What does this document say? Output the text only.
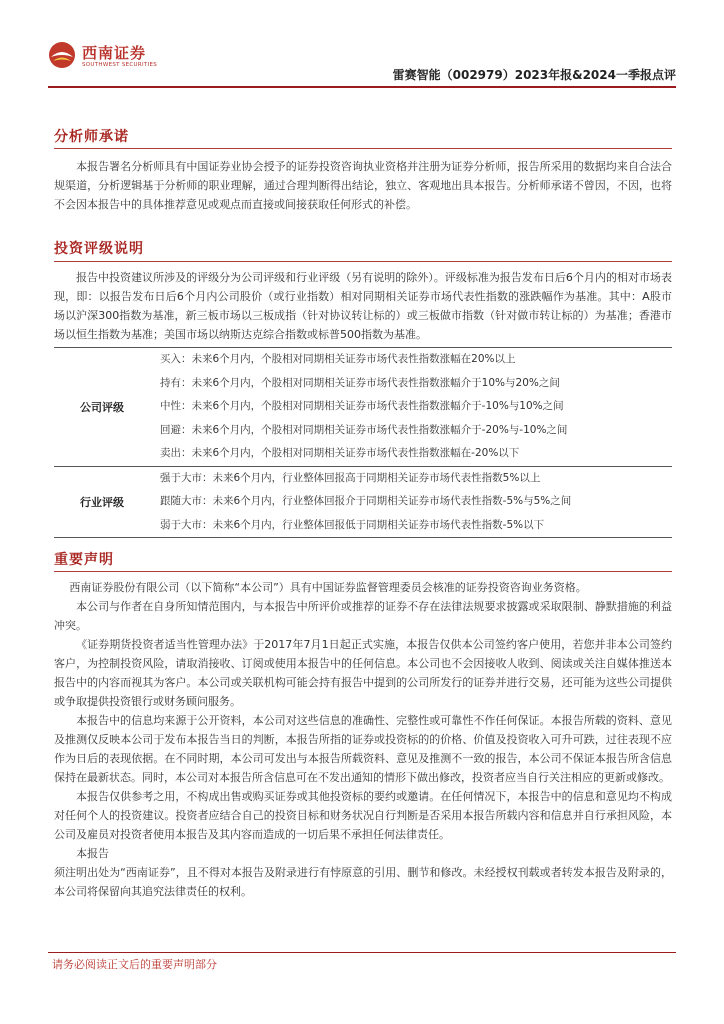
西南证券
SOUTHWEST SECURITIES
雷赛智能（002979）2023年报&2024一季报点评
分析师承诺

本报告署名分析师具有中国证券业协会授予的证券投资咨询执业资格并注册为证券分析师，报告所采用的数据均来自合法合规渠道，分析逻辑基于分析师的职业理解，通过合理判断得出结论，独立、客观地出具本报告。分析师承诺不曾因，不因，也将不会因本报告中的具体推荐意见或观点而直接或间接获取任何形式的补偿。

投资评级说明

报告中投资建议所涉及的评级分为公司评级和行业评级（另有说明的除外）。评级标准为报告发布日后6个月内的相对市场表现，即：以报告发布日后6个月内公司股价（或行业指数）相对同期相关证券市场代表性指数的涨跌幅作为基准。其中：A股市场以沪深300指数为基准，新三板市场以三板成指（针对协议转让标的）或三板做市指数（针对做市转让标的）为基准；香港市场以恒生指数为基准；美国市场以纳斯达克综合指数或标普500指数为基准。

公司评级
买入：未来6个月内，个股相对同期相关证券市场代表性指数涨幅在20%以上
持有：未来6个月内，个股相对同期相关证券市场代表性指数涨幅介于10%与20%之间
中性：未来6个月内，个股相对同期相关证券市场代表性指数涨幅介于-10%与10%之间
回避：未来6个月内，个股相对同期相关证券市场代表性指数涨幅介于-20%与-10%之间
卖出：未来6个月内，个股相对同期相关证券市场代表性指数涨幅在-20%以下
行业评级
强于大市：未来6个月内，行业整体回报高于同期相关证券市场代表性指数5%以上
跟随大市：未来6个月内，行业整体回报介于同期相关证券市场代表性指数-5%与5%之间
弱于大市：未来6个月内，行业整体回报低于同期相关证券市场代表性指数-5%以下
重要声明

西南证券股份有限公司（以下简称“本公司”）具有中国证券监督管理委员会核准的证券投资咨询业务资格。

本公司与作者在自身所知情范围内，与本报告中所评价或推荐的证券不存在法律法规要求披露或采取限制、静默措施的利益冲突。

《证券期货投资者适当性管理办法》于2017年7月1日起正式实施，本报告仅供本公司签约客户使用，若您并非本公司签约客户，为控制投资风险，请取消接收、订阅或使用本报告中的任何信息。本公司也不会因接收人收到、阅读或关注自媒体推送本报告中的内容而视其为客户。本公司或关联机构可能会持有报告中提到的公司所发行的证券并进行交易，还可能为这些公司提供或争取提供投资银行或财务顾问服务。

本报告中的信息均来源于公开资料，本公司对这些信息的准确性、完整性或可靠性不作任何保证。本报告所载的资料、意见及推测仅反映本公司于发布本报告当日的判断，本报告所指的证券或投资标的的价格、价值及投资收入可升可跌，过往表现不应作为日后的表现依据。在不同时期，本公司可发出与本报告所载资料、意见及推测不一致的报告，本公司不保证本报告所含信息保持在最新状态。同时，本公司对本报告所含信息可在不发出通知的情形下做出修改，投资者应当自行关注相应的更新或修改。

本报告仅供参考之用，不构成出售或购买证券或其他投资标的要约或邀请。在任何情况下，本报告中的信息和意见均不构成对任何个人的投资建议。投资者应结合自己的投资目标和财务状况自行判断是否采用本报告所载内容和信息并自行承担风险，本公司及雇员对投资者使用本报告及其内容而造成的一切后果不承担任何法律责任。

本报告

须注明出处为“西南证券”，且不得对本报告及附录进行有悖原意的引用、删节和修改。未经授权刊载或者转发本报告及附录的，本公司将保留向其追究法律责任的权利。

请务必阅读正文后的重要声明部分
